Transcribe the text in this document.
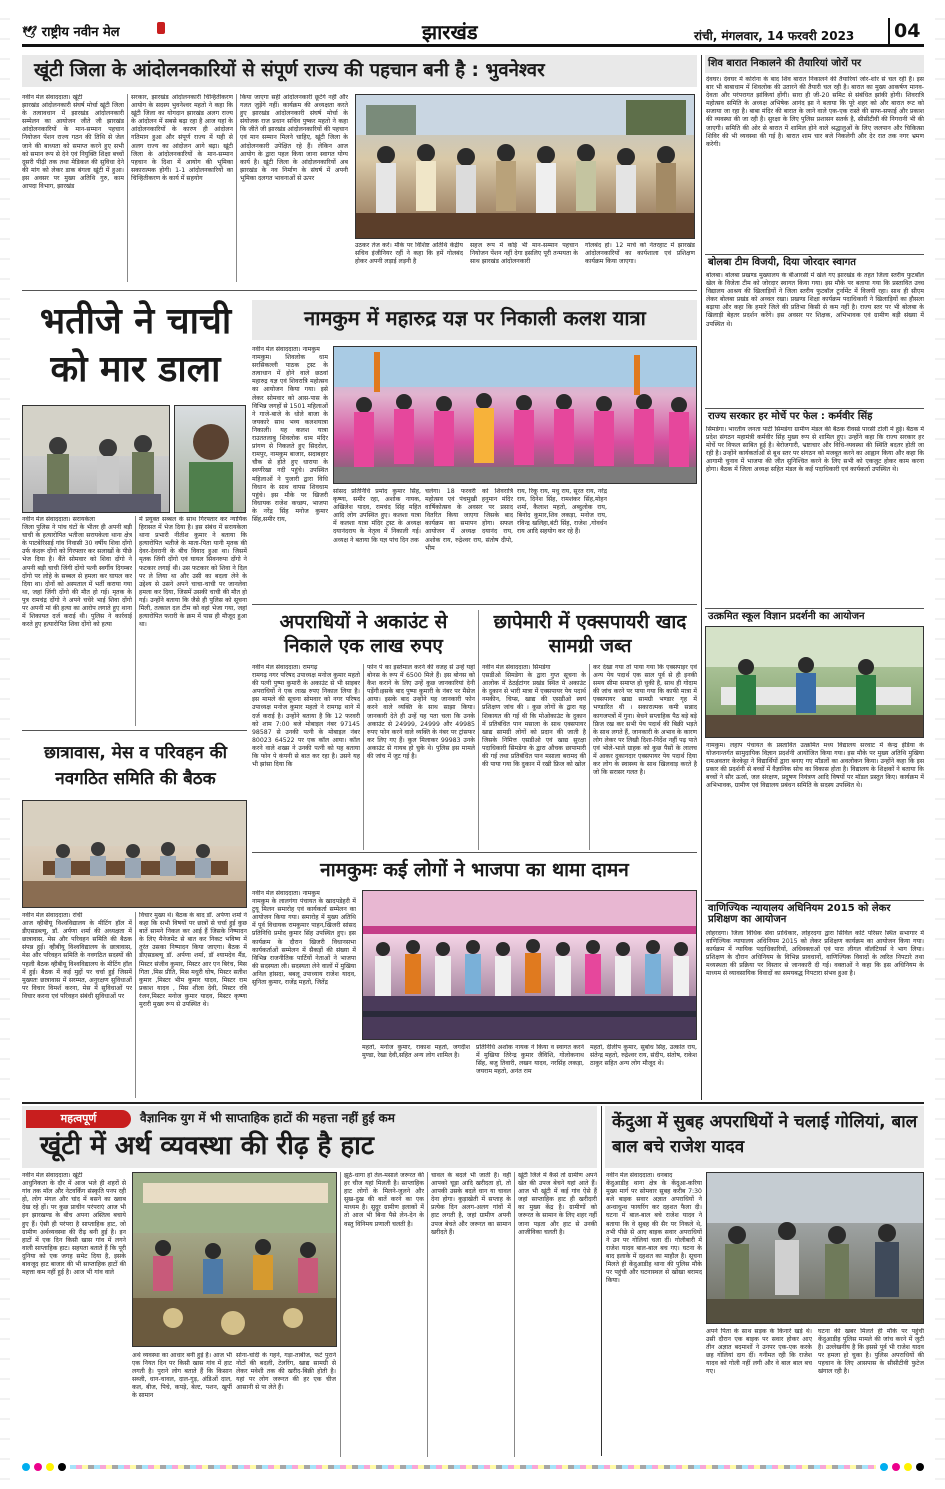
🕊 राष्ट्रीय नवीन मेल	झारखंड	रांची, मंगलवार, 14 फरवरी 2023 04
खूंटी जिला के आंदोलनकारियों से संपूर्ण राज्य की पहचान बनी है : भुवनेश्वर
नवीन मेल संवाददाता। खूंटी
झारखंड आंदोलनकारी संघर्ष मोर्चा खूंटी जिला के तत्वावधान में झारखंड आंदोलनकारी सम्मेलन का आयोजन जीते जी झारखंड आंदोलनकारियों के मान-सम्मान पहचान नियोजन पेंशन राज्य गठन की तिथि से जेल जाने की बाध्यता को समाप्त करने हुए सभी को समान रूप से देने एवं नियुक्ति शिक्षा बच्चों दूसरी पीढ़ी तक तथा मेडिकल की सुविधा देने की मांग को लेकर डाक बंगला खूंटी में हुआ। इस अवसर पर मुख्य अतिथि गुरु, काम आपदा विभाग, झारखंड
सरकार, झारखंड आंदोलनकारी चिन्हितीकरण आयोग के सदस्य भुवनेश्वर महतो ने कहा कि खूंटी जिला का योगदान झारखंड अलग राज्य के आंदोलन में सबसे बढ़ा रहा है आज यहां के आंदोलनकारियों के कारण ही आंदोलन गतिमान हुआ और संपूर्ण राज्य में यही से अलग राज्य का आंदोलन आगे बढ़ा। खूंटी जिला के आंदोलनकारियों के मान-सम्मान पहचान के दिशा में आयोग की भूमिका सकारात्मक होगी। 1-1 आंदोलनकारियों का चिन्हितीकरण के कार्य में सहयोग
किया जाएगा सही आंदोलनकारी छूटेंगे नहीं और गलत जुड़ेंगे नहीं। कार्यक्रम की अध्यक्षता करते हुए झारखंड आंदोलनकारी संघर्ष मोर्चा के संयोजक राज प्रधान सचिव पुष्कर महतो ने कहा कि जीते जी झारखंड आंदोलनकारियों की पहचान एवं मान सम्मान मिलने चाहिए, खूंटी जिला के आंदोलनकारी उपेक्षित रहे हैं। लेकिन आज आयोग के द्वारा पहल किया जाना स्वागत योग्य कार्य है। खूंटी जिला के आंदोलनकारियों अब झारखंड के नव निर्माण के संघर्ष में अपनी भूमिका दलगत भावनाओं से ऊपर
उठकर तेज करें। मौके पर विशिष्ट अतिथि केंद्रीय सचिव इंजीनियर रहीं ने कहा कि हमें गोलबंद होकर अपनी लड़ाई लड़नी है
सहज रूप में कोई भी मान-सम्मान पहचान नियोजन पेंशन नहीं देगा इसलिए पूरी तन्मयता के साथ झारखंड आंदोलनकारी
गोलबंद हो। 12 मार्च को नेतरहाट में झारखंड आंदोलनकारियों का कार्यशाला एवं प्रशिक्षण कार्यक्रम किया जाएगा।
भतीजे ने चाची को मार डाला
नवीन मेल संवाददाता। सरायकेला
जिला पुलिस ने पांच घंटों के भीतर ही अपनी बड़ी चाची के हत्यारोपित भतीजा सरायकेला थाना क्षेत्र के पाटबेरिसाई गांव निवासी 30 वर्षीय शिवा दोंगो उर्फ कंदरू दोंगो को गिरफ्तार कर सलाखों के पीछे भेज दिया है। बैंते सोमवार को शिवा दोंगो ने अपनी बड़ी चाची जिंगी दोंगो पत्नी स्वर्गीय दिगम्बर दोंगो पर लोहे के सब्बल से हमला कर घायल कर दिया था। दोनों को अस्पताल में भर्ती कराया गया था, जहां जिंगी दोंगो की मौत हो गई। मृतक के पुत्र रामचंद्र दोंगो ने अपने चचेरे भाई शिवा दोंगो पर अपनी मां की हत्या का आरोप लगाते हुए थाना में शिकायत दर्ज कराई थी। पुलिस ने कार्रवाई करते हुए हत्यारोपित शिवा दोंगो को हत्या
में प्रयुक्त सब्बल के साथ गिरफ्तार कर न्यायिक हिरासत में भेज दिया है। इस संबंध में सरायकेला थाना प्रभारी नीतीश कुमार ने बताया कि हत्यारोपित भतीजे के माता-पिता यानी मृतक की देवर-देवरानी के बीच विवाद हुआ था। जिसमें मृतक जिंगी दोंगो एवं घायल सिवनरुपा दोंगो ने फटकार लगाई थी। उस फटकार को शिवा ने दिल पर ले लिया था और उसी का बदला लेने के उद्देश्य से उसने अपने चाचा-चाची पर जानलेवा हमला कर दिया, जिसमें उसकी चाची की मौत हो गई। उन्होंने बताया कि जैसे ही पुलिस को सूचना मिली, तत्काल दल टीम को वहां भेजा गया, जहां हत्यारोपित फरारी के क्रम में पास ही मौजूद हुआ था।
छात्रावास, मेस व परिवहन की नवगठित समिति की बैठक
नवीन मेल संवाददाता। रांची
आज व्हीबीयू विश्वविद्यालय के मीटिंग हॉल में डीएसडब्ल्यू, डॉ. अर्पणा शर्मा की अध्यक्षता में छात्रावास, मेस और परिवहन समिति की बैठक संपन्न हुई। व्हीबीयू विश्वविद्यालय के छात्रावास, मेस और परिवहन समिति के नवगठित सदस्यों की पहली बैठक व्हीबीयू विश्वविद्यालय के मीटिंग हॉल में हुई। बैठक में कई मुद्दों पर चर्चा हुई जिसमें मुख्यतः छात्रावास में सरम्मत, अनुरक्षण सुविधाओं पर विचार विमर्श करना, मेस में सुविधाओं पर विचार करना एवं परिवहन संबंधी सुविधाओं पर
विचार मुख्य थे। बैठक के बाद डॉ. अर्पणा शर्मा ने कहा कि सभी विषयों पर छात्रों से चर्चा हुई कुछ बातें सामने निकल कर आई हैं जिसके निष्पादन के लिए मैनेजमेंट से बात कर निकट भविष्य में तुरंत उसका निष्पादन किया जाएगा। बैठक में डीएसडब्ल्यू डॉ. अर्पणा शर्मा, डॉ श्यामदेव मैंड, मिस्टर संजीव कुमार, मिस्टर आर एन बिरंच, मिस गिता ,मिस प्रीति, मिस मधुरी घोष, मिस्टर सतीश कुमार ,मिस्टर भीम कुमार यादव, मिस्टर राम प्रकाश यादव , मिस शीला देवी, मिस्टर रवि रंजन,मिस्टर मनोज कुमार यादव, मिस्टर कृष्णा मुरारी मुख्य रूप से उपस्थित थे।
नामकुम में महारुद्र यज्ञ पर निकाली कलश यात्रा
नवीन मेल संवाददाता। नामकुम
नामकुम। शिवलोक धाम सरसिकल्ली पाठक ट्रस्ट के तत्वाधान में होने वाले छठवां महारुद्र यज्ञ एवं शिवरात्रि महोत्सव का आयोजन किया गया। इसे लेकर सोमवार को आस-पास के विभिन्न जगहों से 1501 महिलाओं ने गाजे-बाजे के धोले बाजा के जयकारे साथ भव्य कलशयात्रा निकाली। यह कलश यात्रा राउततलाबु शिवलोक धाम मंदिर प्रांगण से निकलते हुए सिदरोल, रामपुर, नामकुम बाजार, सदाबहार चौक से होते हुए धाराया के स्वर्णरेखा नदी पहुंचे। उपस्थित महिलाओं ने पुजारी द्वारा विधि विधान के साथ वापस शिवधाम पहुंचे। इस मौके पर खिजरी विधायक राजेश कच्छप, भाजपा के नरेंद्र सिंह मनोज कुमार सिंह,समीर राय,
सांसद प्रतिनिधि प्रमोद कुमार सिंह, कृष्णा, समीर रहा, अशोक नायक, अखिलेश यादव, रामचंद सिंह महित आदि लोग उपस्थित हुए। कलशा यात्रा में कलशा यात्रा मंदिर ट्रस्ट के अध्यक्ष दयानंदराय के नेतृत्व में निकाली गई। अध्यक्ष ने बताया कि यज्ञ पांच दिन तक
चलेगा। 18 फरवरी को शिवरात्रि महोत्सव एवं पंचमुखी हनुमान मंदिर वार्षिकोत्सव के अवसर पर प्रसाद वितरित किया जाएगा जिसके बाद कार्यक्रम का समापन होगा। सफल आयोजन में अध्यक्ष दयानंद राय, अशोक राय, रुद्रेश्वर राय, संतोष दीपो, भीम
राय, रिंकू राय, मधु राय, सूरत राय, नरेंद्र राय, दिनेश सिंह, रामशंकर सिंह,मोहन शर्मा, कैलाश महतो, अब्दुलोक राय, बिनोद कुमार,शिव लकड़ा, मनोज राय, रविन्द्र खलिहा,बंटी सिंह, राजेश ,गोवर्धन राय आदि सहयोग कर रहे हैं।
अपराधियों ने अकाउंट से निकाले एक लाख रुपए
नवीन मेल संवाददाता। रामगढ़
रामगढ़ नगर परिषद उपाध्यक्ष मनोज कुमार महतो की पत्नी पुष्पा कुमारी के अकाउंट से भी साइबर अपराधियों ने एक लाख रुपए निकाल लिया है। इस मामले की सूचना सोमवार को नगर परिषद उपाध्यक्ष मनोज कुमार महतो ने रामगढ़ थाने में दर्ज कराई है। उन्होंने बताया है कि 12 फरवरी को शाम 7:00 बजे मोबाइल नंबर 97145 98587 से उनकी पत्नी के मोबाइल नंबर 80023 64522 पर एक कॉल आया। कॉल करने वाले शख्स ने उनकी पत्नी को यह बताया कि फोन पे कंपनी से बात कर रहा है। उसने यह भी झांसा दिया कि
फोन पे का इस्तेमाल करने की वजह से उन्हें यहां बोनस के रूप में 6500 मिले हैं। इस बोनस को कैश कराने के लिए उन्हें कुछ जानकारियां देनी पड़ेंगी।इसके बाद पुष्पा कुमारी के नंबर पर मैसेज आया। इसके बाद उन्होंने यह जानकारी फोन करने वाले व्यक्ति के साथ साझा किया। जानकारी देते ही उन्हें यह पता चला कि उनके अकाउंट से 24999, 24999 और 49985 रुपए फोन करने वाले व्यक्ति के नंबर पर ट्रांसफर कर लिए गए हैं। कुल मिलाकर 99983 उनके अकाउंट से गायब हो चुके थे। पुलिस इस मामले की जांच में जुट गई है।
छापेमारी में एक्सपायरी खाद सामग्री जब्त
नवीन मेल संवाददाता। सिमडेगा
एसडीओ सिमडेगा के द्वारा गुप्त सूचना के आलोक में ठेठईटांगर प्रखंड स्थित मे अकाउंट के दुकान से भारी मात्रा में एक्सपायर पेय पदार्थ नमकीन, चिप्स, खाद्य की एसडीओ स्वयं प्रशिक्षण जांच की । कुछ लोगों के द्वारा यह शिकायत की गई थी कि मोओकाउंट के दुकान में प्रतिबंधित पान मसाला के साथ एक्सपायर खाद्य सामग्री लोगों को प्रदान की जाती है जिसके निमित्त एसडीओ एवं खाद्य सुरक्षा पदाधिकारी सिमडेगा के द्वारा औचक छापामारी की गई तथा प्रतिबंधित पान मसाला बरामद की की पाया गया कि दुकान में रखी फ्रिज को खोल
कर देखा गया तो पाया गया कि एक्सपाइर एवं अन्य पेय पदार्थ एक साल पूर्व से ही इनकी समय सीमा समाप्त हो चुकी है, साथ ही गोदाम की जांच करने पर पाया गया कि काफी मात्रा में एक्सपायर खाद्य सामग्री भण्डार गृह में भण्डारित थी । सकारात्मक कमी सन्नाद कागजपत्रों में गुना। बेचने सप्ताहिक पैठ बड़े बड़े फ्रिज रख कर सभी पेय पदार्थ की बिक्री भड़ते के साथ लगते हैं, जानकारी के अभाव के कारण लोग लेकर पर लिखी दिशा-निर्देश नहीं पढ़ पाते एवं भोले-भाले ग्राहक को कुछ पैसों के लालच में आकर दुकानदार एक्सपायर पेय पदार्थ दिया कर लोग के स्वास्थ्य के साथ खिलवाड़ करते है जो कि सरासर गलत है।
नामकुमः कई लोगों ने भाजपा का थामा दामन
नवीन मेल संवाददाता। नामकुम
नामकुम के लालगंगा पंचायत के खादपडेहरी में टुयू मिलन समारोह एवं कार्यकर्ता सम्मेलन का आयोजन किया गया। समारोह में मुख्य अतिथि में पूर्व विधायक रामकुमार पाहन,खिजरी सांसद प्रतिनिधि प्रमोद कुमार सिंह उपस्थित हुए। इस कार्यक्रम के दौरान खिजरी विधानसभा कार्यकर्ताओं सम्मेलन में सैकड़ों की संख्या में विभिन्न राजनीतिक पार्टियों नेताओं ने भाजपा की सदस्यता ली। सदस्यता लेने वालों में मुखिया अनिल हांसदा, बबलू उपाध्याय राजेश यादव, सुनिता कुमार, राजेंद्र महतो, जितेंद्र
महतो, मनोज कुमार, राकाश महतो, जगदीश मुण्डा, रेखा देवी,सहित अन्य लोग शामिल है।
प्रतिनिधि अशोक नायक ने किया व स्वागत करने में मुखिया तिरेन्द्र कुमार जैविशि, गोलोकनाथ सिंह, बजु तिवारी, लखन यादव, नरसिंह लकड़ा, जयराम महतो, अनंत राम
महतो, दीलीप कुमार, सुबोध सिंह, उत्कांत राय, संतेन्द्र महतो, रुद्रेश्वर राय, संदीप, संतोष, राकेश ठाकुर सहित अन्य लोग मौजूद थे।
शिव बारात निकालने की तैयारियां जोरों पर
देवघर। देवघर में कोरोना के बाद शिव बारात निकालने की तैयारियां जोर-शोर से चल रही हैं। इस बार भी बाबाधाम में शिवलोक की उतारने की तैयारी चल रही है। बारात का मुख्य आकर्षण मानव-देवता और परंपरागत झांकियां होंगी। सारा ही जी-20 समिट से संबंधित झांकी होगी। शिवरात्रि महोत्सव समिति के अध्यक्ष अभिषेक आनंद झा ने बताया कि पूरे शहर को और बारात रूट को सजाया जा रहा है। बाबा मंदिर की बारात के जाने वाले एक-एक रास्ते की साफ-सफाई और प्रकाश की व्यवस्था की जा रही है। सुरक्षा के लिए पुलिस प्रशासन सतर्क है, सीसीटीवी की निगरानी भी की जाएगी। समिति की ओर से बारात में शामिल होने वाले श्रद्धालुओं के लिए जलपान और चिकित्सा शिविर की भी व्यवस्था की गई है। बारात शाम चार बजे निकलेगी और देर रात तक नगर भ्रमण करेगी।
बोलबा टीम विजयी, दिया जोरदार स्वागत
बोलबा। बोलबा प्रखण्ड मुख्यालय के बीआरसी में खेले गए झारखंड के तहत जिला स्तरीय फुटबॉल खेल के विजेता टीम को जोरदार स्वागत किया गया। इस मौके पर बताया गया कि प्रस्तावित उच्च विद्यालय आश्रय की खिलाड़ियों ने जिला स्तरीय फुटबॉल टूर्नामेंट में विजयी रहा। साथ ही सीएम लेकर बोलबा प्रखंड को अव्वल रखा। प्रखण्ड शिक्षा कार्यक्रम पदाधिकारी ने खिलाड़ियों का हौसला बढ़ाया और कहा कि हमारे जिले की प्रतिभा किसी से कम नहीं है। राज्य स्तर पर भी बोलबा के खिलाड़ी बेहतर प्रदर्शन करेंगे। इस अवसर पर शिक्षक, अभिभावक एवं ग्रामीण बड़ी संख्या में उपस्थित थे।
राज्य सरकार हर मोर्चे पर फेल : कर्मवीर सिंह
सिमडेगा। भारतीय जनता पार्टी सिमडेगा ग्रामीण मंडल की बैठक रीवर्स्ड पारसी टोली में हुई। बैठक में प्रदेश संगठन महामंत्री कर्मवीर सिंह मुख्य रूप से शामिल हुए। उन्होंने कहा कि राज्य सरकार हर मोर्चे पर विफल साबित हुई है। बेरोजगारी, भ्रष्टाचार और विधि-व्यवस्था की स्थिति बदतर होती जा रही है। उन्होंने कार्यकर्ताओं से बूथ स्तर पर संगठन को मजबूत करने का आह्वान किया और कहा कि आगामी चुनाव में भाजपा की जीत सुनिश्चित करने के लिए सभी को एकजुट होकर काम करना होगा। बैठक में जिला अध्यक्ष सहित मंडल के कई पदाधिकारी एवं कार्यकर्ता उपस्थित थे।
उत्क्रमित स्कूल विज्ञान प्रदर्शनी का आयोजन
नामकुम। लहाप पंचायत के प्रस्तावित उत्क्रमित मध्य विद्यालय सरवाट में केन्द्र इंडिया के योजनान्तर्गत सामुदायिक विज्ञान प्रदर्शनी आयोजित किया गया। इस मौके पर मुख्य अतिथि मुखिया रामअवतार केरकेट्टा ने विद्यार्थियों द्वारा बनाए गए मॉडलों का अवलोकन किया। उन्होंने कहा कि इस प्रकार की प्रदर्शनी से बच्चों में वैज्ञानिक सोच का विकास होता है। विद्यालय के शिक्षकों ने बताया कि बच्चों ने सौर ऊर्जा, जल संरक्षण, प्रदूषण नियंत्रण आदि विषयों पर मॉडल प्रस्तुत किए। कार्यक्रम में अभिभावक, ग्रामीण एवं विद्यालय प्रबंधन समिति के सदस्य उपस्थित थे।
वाणिज्यिक न्यायालय अधिनियम 2015 को लेकर प्रशिक्षण का आयोजन
लोहरदगा। जिला विधिक सेवा प्राधिकार, लोहरदगा द्वारा सिविल कोर्ट परिसर स्थित सभागार में वाणिज्यिक न्यायालय अधिनियम 2015 को लेकर प्रशिक्षण कार्यक्रम का आयोजन किया गया। कार्यक्रम में न्यायिक पदाधिकारियों, अधिवक्ताओं एवं पारा लीगल वॉलंटियर्स ने भाग लिया। प्रशिक्षण के दौरान अधिनियम के विभिन्न प्रावधानों, वाणिज्यिक विवादों के त्वरित निपटारे तथा मध्यस्थता की प्रक्रिया पर विस्तार से जानकारी दी गई। वक्ताओं ने कहा कि इस अधिनियम के माध्यम से व्यावसायिक विवादों का समयबद्ध निपटारा संभव हुआ है।
महत्वपूर्ण	वैज्ञानिक युग में भी साप्ताहिक हाटों की महत्ता नहीं हुई कम
खूंटी में अर्थ व्यवस्था की रीढ़ है हाट
नवीन मेल संवाददाता। खूंटी
आधुनिकता के दौर में आज भले ही शहरों से गांव तक मॉल और नेटवर्किंग संस्कृति पनप रही हो, लोग मंगल और चांद में बसने का ख्वाब देख रहे हों। पर कुछ प्राचीन परंपराएं आज भी इन झारखण्ड के बीच अपना अस्तित्व बचाये हुए हैं। ऐसी ही परंपरा है साप्ताहिक हाट, जो ग्रामीण अर्थव्यवस्था की रीढ़ बनी हुई है। इन हाटों में एक दिन किसी खास गांव में लगने वाली साप्ताहिक हाट। सहयता बताते हैं कि पूरी दुनिया को एक जगह समेट दिया है, इसके बावजूद हाट बाजार की भी साप्ताहिक हाटों की महत्ता कम नहीं हुई है। आज भी गांव वाले
अर्थ व्यवस्था का आधार बनी हुई है। आज भी एक नियत दिन पर किसी खास गांव में हाट लगती है। पुराने लोग बताते हैं कि किसान सब्जी, धान-चावल, दाल-गुड़, अंडिओं दाल, कल, बीज, पिचे, कपड़े, बेल्ट, पशन, खुर्पी के सामान
सोना-चांदी के गहने, गड़ा-ताबीज, फटे पुराने नोटों की बदली, टेलरिंग, खाद्य सामग्री से लेकर मवेशी तक की खरीद-बिक्री होती है। यहां पर लोग जरूरत की हर एक चीज आसानी से पा लेते हैं।
झूठे-धागा हो तेल-मसाले जरूरत की हर चीज यहां मिलती है। साप्ताहिक हाट लोगों के मिलने-जुलने और सुख-दुख की बातें करने का एक माध्यम है। सुदूर ग्रामीण इलाकों में तो आज भी बिना पैसे लेन-देन के वस्तु विनिमय प्रणाली चलती है।
चावल के बदले भी जाती हैं। वहीं आपको चूड़ा आदि खरीदता हो, तो आपकी उसके बदले धान या चावल देना होगा। कुड़ाखेती में सप्ताह के प्रत्येक दिन अलग-अलग गांवों में हाट लगती है, जहां ग्रामीण अपनी उपज बेचते और जरूरत का सामान खरीदते हैं।
खूंटी जिले में कैसे तो ग्रामीण अपने खेत की उपज बेचने यहां आते हैं। आज भी खूंटी में कई गांव ऐसे हैं जहां साप्ताहिक हाट ही खरीदारी का मुख्य केंद्र है। ग्रामीणों को जरूरत के सामान के लिए शहर नहीं जाना पड़ता और हाट से उनकी आजीविका चलती है।
केंदुआ में सुबह अपराधियों ने चलाई गोलियां, बाल बाल बचे राजेश यादव
नवीन मेल संवाददाता। धनबाद
केंदुआडीह थाना क्षेत्र के केंदुआ-करिया मुख्य मार्ग पर सोमवार सुबह करीब 7:30 बजे बाइक सवार अज्ञात अपराधियों ने अन्धाधुन्ध फायरिंग कर दहशत फैला दी। घटना में बाल-बाल बचे राजेश यादव ने बताया कि वे सुबह की सैर पर निकले थे, तभी पीछे से आए बाइक सवार अपराधियों ने उन पर गोलियां चला दीं। गोलीबारी में राजेश यादव बाल-बाल बच गए। घटना के बाद इलाके में दहशत का माहौल है। सूचना मिलते ही केंदुआडीह थाना की पुलिस मौके पर पहुंची और घटनास्थल से खोखा बरामद किया।
अपने पिता के साथ सड़क के किनारे खड़े थे। उसी दौरान एक बाइक पर सवार होकर आए तीन अज्ञात बदमाशों ने उनपर एक-एक करके छह गोलियां दाग दीं। गनीमत रही कि राजेश यादव को गोली नहीं लगी और वे बाल बाल बच गए।
घटना की खबर मिलते ही मौके पर पहुंची केंदुआडीह पुलिस मामले की जांच करने में जुटी है। उल्लेखनीय है कि इससे पूर्व भी राजेश यादव पर हमला हो चुका है। पुलिस अपराधियों की पहचान के लिए आसपास के सीसीटीवी फुटेज खंगाल रही है।
